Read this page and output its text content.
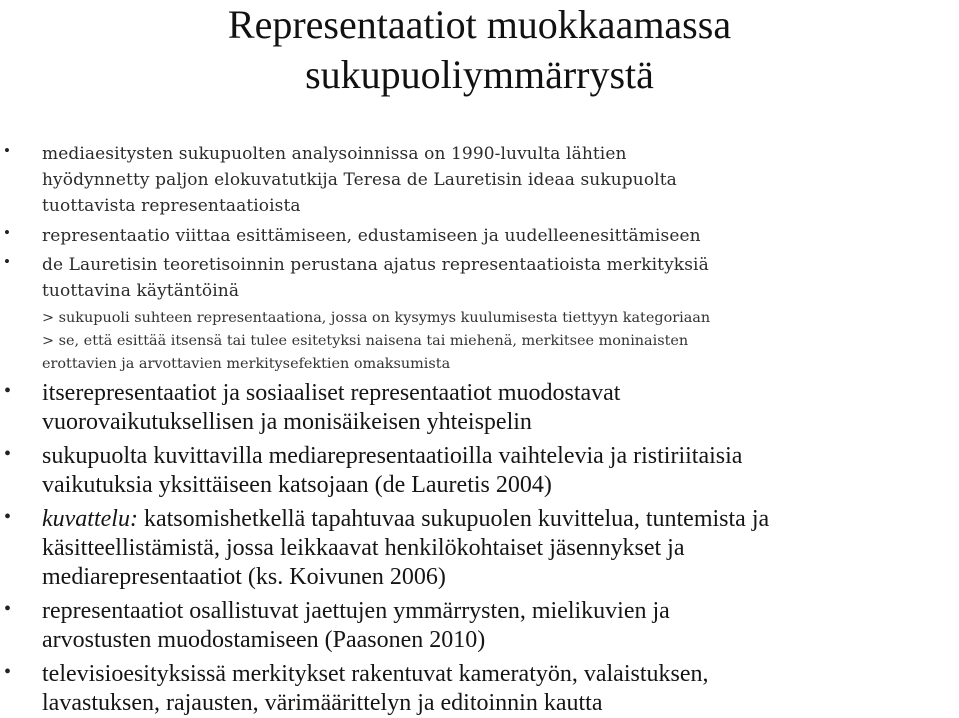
Representaatiot muokkaamassa
sukupuoliymmärrystä
• mediaesitysten sukupuolten analysoinnissa on 1990-luvulta lähtien
hyödynnetty paljon elokuvatutkija Teresa de Lauretisin ideaa sukupuolta
tuottavista representaatioista
• representaatio viittaa esittämiseen, edustamiseen ja uudelleenesittämiseen
• de Lauretisin teoretisoinnin perustana ajatus representaatioista merkityksiä
tuottavina käytäntöinä
> sukupuoli suhteen representaationa, jossa on kysymys kuulumisesta tiettyyn kategoriaan
> se, että esittää itsensä tai tulee esitetyksi naisena tai miehenä, merkitsee moninaisten
erottavien ja arvottavien merkitysefektien omaksumista
• itserepresentaatiot ja sosiaaliset representaatiot muodostavat
vuorovaikutuksellisen ja monisäikeisen yhteispelin
• sukupuolta kuvittavilla mediarepresentaatioilla vaihtelevia ja ristiriitaisia
vaikutuksia yksittäiseen katsojaan (de Lauretis 2004)
• kuvattelu: katsomishetkellä tapahtuvaa sukupuolen kuvittelua, tuntemista ja
käsitteellistämistä, jossa leikkaavat henkilökohtaiset jäsennykset ja
mediarepresentaatiot (ks. Koivunen 2006)
• representaatiot osallistuvat jaettujen ymmärrysten, mielikuvien ja
arvostusten muodostamiseen (Paasonen 2010)
• televisioesityksissä merkitykset rakentuvat kameratyön, valaistuksen,
lavastuksen, rajausten, värimäärittelyn ja editoinnin kautta
